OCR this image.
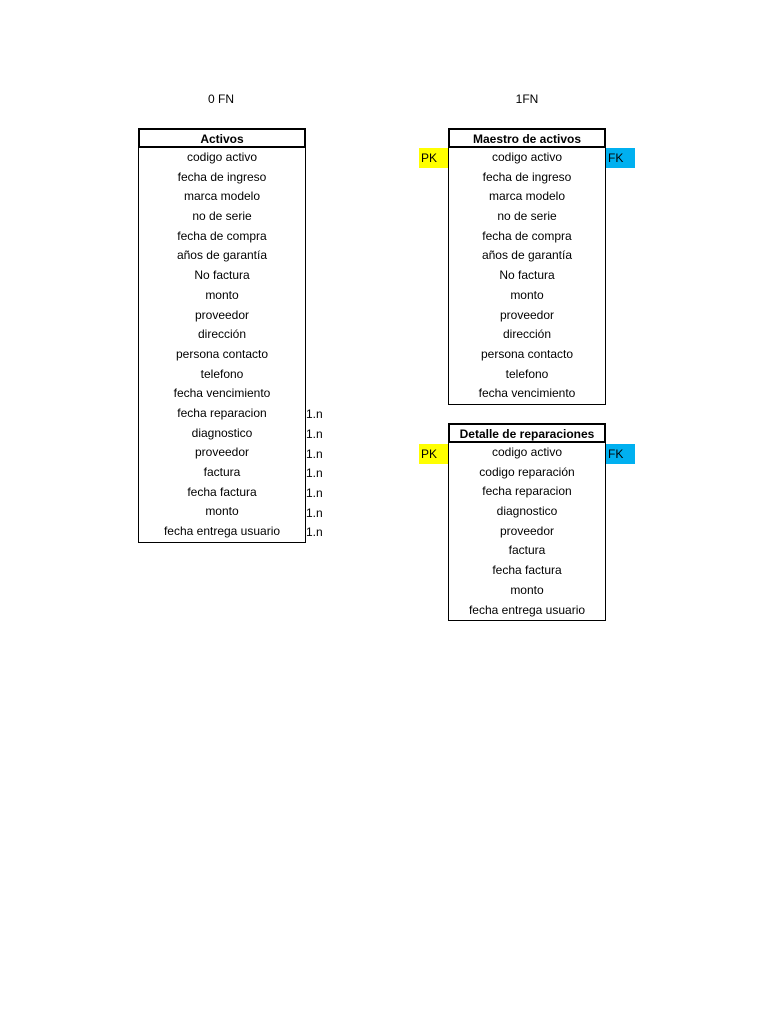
0 FN	1FN
Activos
codigo activo
fecha de ingreso
marca modelo
no de serie
fecha de compra
años de garantía
No factura
monto
proveedor
dirección
persona contacto
telefono
fecha vencimiento
fecha reparacion
diagnostico
proveedor
factura
fecha factura
monto
fecha entrega usuario
1.n
1.n
1.n
1.n
1.n
1.n
1.n
PK	FK
Maestro de activos
codigo activo
fecha de ingreso
marca modelo
no de serie
fecha de compra
años de garantía
No factura
monto
proveedor
dirección
persona contacto
telefono
fecha vencimiento
PK	FK
Detalle de reparaciones
codigo activo
codigo reparación
fecha reparacion
diagnostico
proveedor
factura
fecha factura
monto
fecha entrega usuario
